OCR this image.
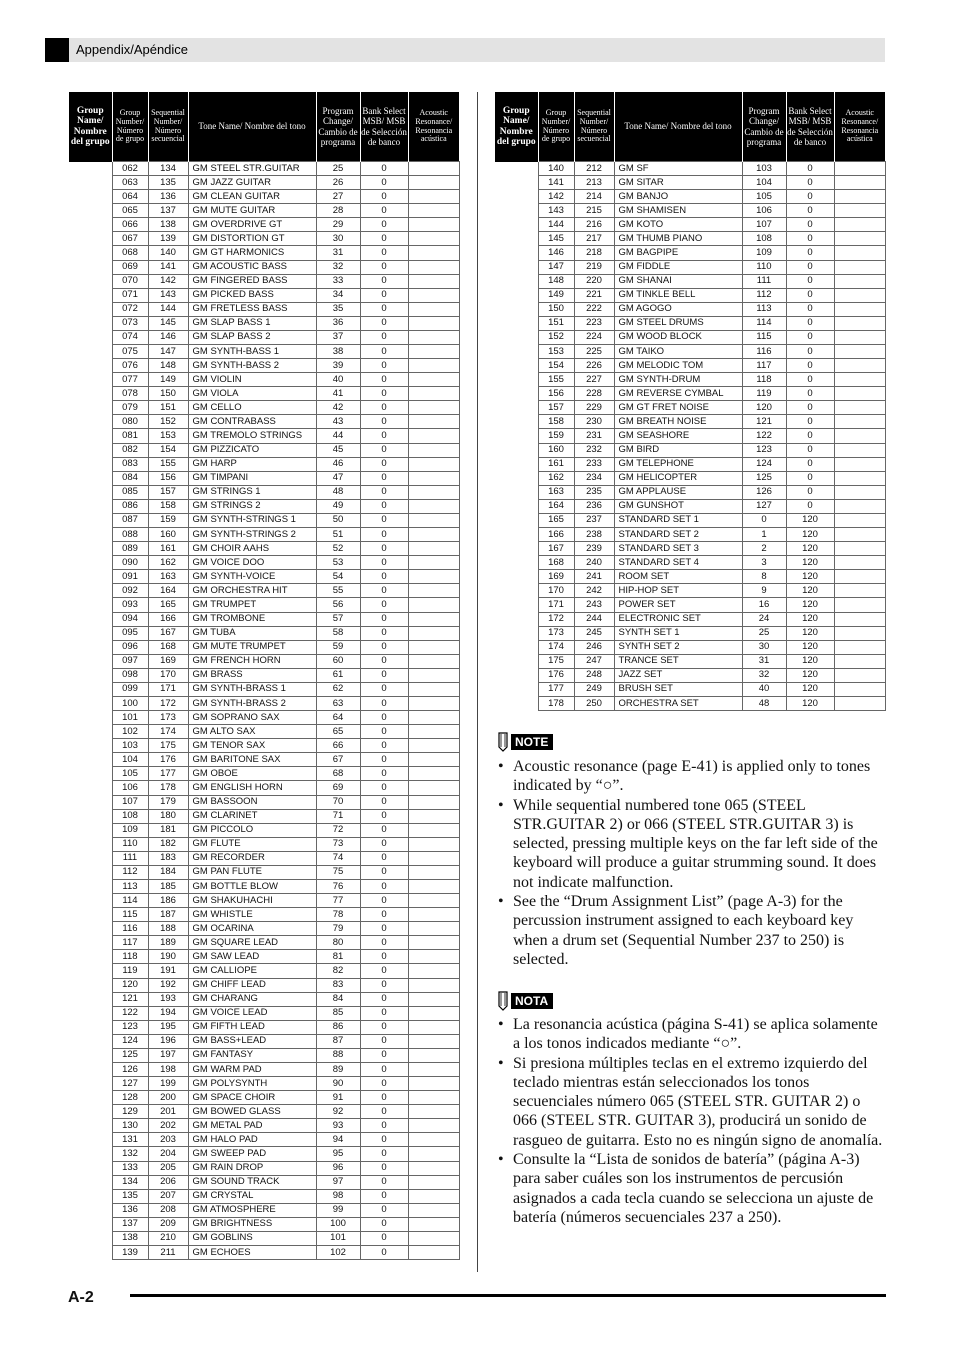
Appendix/Apéndice
Group Name/ Nombre del grupo	Group Number/ Número de grupo	Sequential Number/ Número secuencial	Tone Name/ Nombre del tono	Program Change/ Cambio de programa	Bank Select MSB/ MSB de Selección de banco	Acoustic Resonance/ Resonancia acústica
	062	134	GM STEEL STR.GUITAR	25	0	
	063	135	GM JAZZ GUITAR	26	0	
	064	136	GM CLEAN GUITAR	27	0	
	065	137	GM MUTE GUITAR	28	0	
	066	138	GM OVERDRIVE GT	29	0	
	067	139	GM DISTORTION GT	30	0	
	068	140	GM GT HARMONICS	31	0	
	069	141	GM ACOUSTIC BASS	32	0	
	070	142	GM FINGERED BASS	33	0	
	071	143	GM PICKED BASS	34	0	
	072	144	GM FRETLESS BASS	35	0	
	073	145	GM SLAP BASS 1	36	0	
	074	146	GM SLAP BASS 2	37	0	
	075	147	GM SYNTH-BASS 1	38	0	
	076	148	GM SYNTH-BASS 2	39	0	
	077	149	GM VIOLIN	40	0	
	078	150	GM VIOLA	41	0	
	079	151	GM CELLO	42	0	
	080	152	GM CONTRABASS	43	0	
	081	153	GM TREMOLO STRINGS	44	0	
	082	154	GM PIZZICATO	45	0	
	083	155	GM HARP	46	0	
	084	156	GM TIMPANI	47	0	
	085	157	GM STRINGS 1	48	0	
	086	158	GM STRINGS 2	49	0	
	087	159	GM SYNTH-STRINGS 1	50	0	
	088	160	GM SYNTH-STRINGS 2	51	0	
	089	161	GM CHOIR AAHS	52	0	
	090	162	GM VOICE DOO	53	0	
	091	163	GM SYNTH-VOICE	54	0	
	092	164	GM ORCHESTRA HIT	55	0	
	093	165	GM TRUMPET	56	0	
	094	166	GM TROMBONE	57	0	
	095	167	GM TUBA	58	0	
	096	168	GM MUTE TRUMPET	59	0	
	097	169	GM FRENCH HORN	60	0	
	098	170	GM BRASS	61	0	
	099	171	GM SYNTH-BRASS 1	62	0	
	100	172	GM SYNTH-BRASS 2	63	0	
	101	173	GM SOPRANO SAX	64	0	
	102	174	GM ALTO SAX	65	0	
	103	175	GM TENOR SAX	66	0	
	104	176	GM BARITONE SAX	67	0	
	105	177	GM OBOE	68	0	
	106	178	GM ENGLISH HORN	69	0	
	107	179	GM BASSOON	70	0	
	108	180	GM CLARINET	71	0	
	109	181	GM PICCOLO	72	0	
	110	182	GM FLUTE	73	0	
	111	183	GM RECORDER	74	0	
	112	184	GM PAN FLUTE	75	0	
	113	185	GM BOTTLE BLOW	76	0	
	114	186	GM SHAKUHACHI	77	0	
	115	187	GM WHISTLE	78	0	
	116	188	GM OCARINA	79	0	
	117	189	GM SQUARE LEAD	80	0	
	118	190	GM SAW LEAD	81	0	
	119	191	GM CALLIOPE	82	0	
	120	192	GM CHIFF LEAD	83	0	
	121	193	GM CHARANG	84	0	
	122	194	GM VOICE LEAD	85	0	
	123	195	GM FIFTH LEAD	86	0	
	124	196	GM BASS+LEAD	87	0	
	125	197	GM FANTASY	88	0	
	126	198	GM WARM PAD	89	0	
	127	199	GM POLYSYNTH	90	0	
	128	200	GM SPACE CHOIR	91	0	
	129	201	GM BOWED GLASS	92	0	
	130	202	GM METAL PAD	93	0	
	131	203	GM HALO PAD	94	0	
	132	204	GM SWEEP PAD	95	0	
	133	205	GM RAIN DROP	96	0	
	134	206	GM SOUND TRACK	97	0	
	135	207	GM CRYSTAL	98	0	
	136	208	GM ATMOSPHERE	99	0	
	137	209	GM BRIGHTNESS	100	0	
	138	210	GM GOBLINS	101	0	
	139	211	GM ECHOES	102	0	
Group Name/ Nombre del grupo	Group Number/ Número de grupo	Sequential Number/ Número secuencial	Tone Name/ Nombre del tono	Program Change/ Cambio de programa	Bank Select MSB/ MSB de Selección de banco	Acoustic Resonance/ Resonancia acústica
	140	212	GM SF	103	0	
	141	213	GM SITAR	104	0	
	142	214	GM BANJO	105	0	
	143	215	GM SHAMISEN	106	0	
	144	216	GM KOTO	107	0	
	145	217	GM THUMB PIANO	108	0	
	146	218	GM BAGPIPE	109	0	
	147	219	GM FIDDLE	110	0	
	148	220	GM SHANAI	111	0	
	149	221	GM TINKLE BELL	112	0	
	150	222	GM AGOGO	113	0	
	151	223	GM STEEL DRUMS	114	0	
	152	224	GM WOOD BLOCK	115	0	
	153	225	GM TAIKO	116	0	
	154	226	GM MELODIC TOM	117	0	
	155	227	GM SYNTH-DRUM	118	0	
	156	228	GM REVERSE CYMBAL	119	0	
	157	229	GM GT FRET NOISE	120	0	
	158	230	GM BREATH NOISE	121	0	
	159	231	GM SEASHORE	122	0	
	160	232	GM BIRD	123	0	
	161	233	GM TELEPHONE	124	0	
	162	234	GM HELICOPTER	125	0	
	163	235	GM APPLAUSE	126	0	
	164	236	GM GUNSHOT	127	0	
	165	237	STANDARD SET 1	0	120	
	166	238	STANDARD SET 2	1	120	
	167	239	STANDARD SET 3	2	120	
	168	240	STANDARD SET 4	3	120	
	169	241	ROOM SET	8	120	
	170	242	HIP-HOP SET	9	120	
	171	243	POWER SET	16	120	
	172	244	ELECTRONIC SET	24	120	
	173	245	SYNTH SET 1	25	120	
	174	246	SYNTH SET 2	30	120	
	175	247	TRANCE SET	31	120	
	176	248	JAZZ SET	32	120	
	177	249	BRUSH SET	40	120	
	178	250	ORCHESTRA SET	48	120	
NOTE
• Acoustic resonance (page E-41) is applied only to tones indicated by “○”.
• While sequential numbered tone 065 (STEEL STR.GUITAR 2) or 066 (STEEL STR.GUITAR 3) is selected, pressing multiple keys on the far left side of the keyboard will produce a guitar strumming sound. It does not indicate malfunction.
• See the “Drum Assignment List” (page A-3) for the percussion instrument assigned to each keyboard key when a drum set (Sequential Number 237 to 250) is selected.
NOTA
• La resonancia acústica (página S-41) se aplica solamente a los tonos indicados mediante “○”.
• Si presiona múltiples teclas en el extremo izquierdo del teclado mientras están seleccionados los tonos secuenciales número 065 (STEEL STR. GUITAR 2) o 066 (STEEL STR. GUITAR 3), producirá un sonido de rasgueo de guitarra. Esto no es ningún signo de anomalía.
• Consulte la “Lista de sonidos de batería” (página A-3) para saber cuáles son los instrumentos de percusión asignados a cada tecla cuando se selecciona un ajuste de batería (números secuenciales 237 a 250).
A-2
